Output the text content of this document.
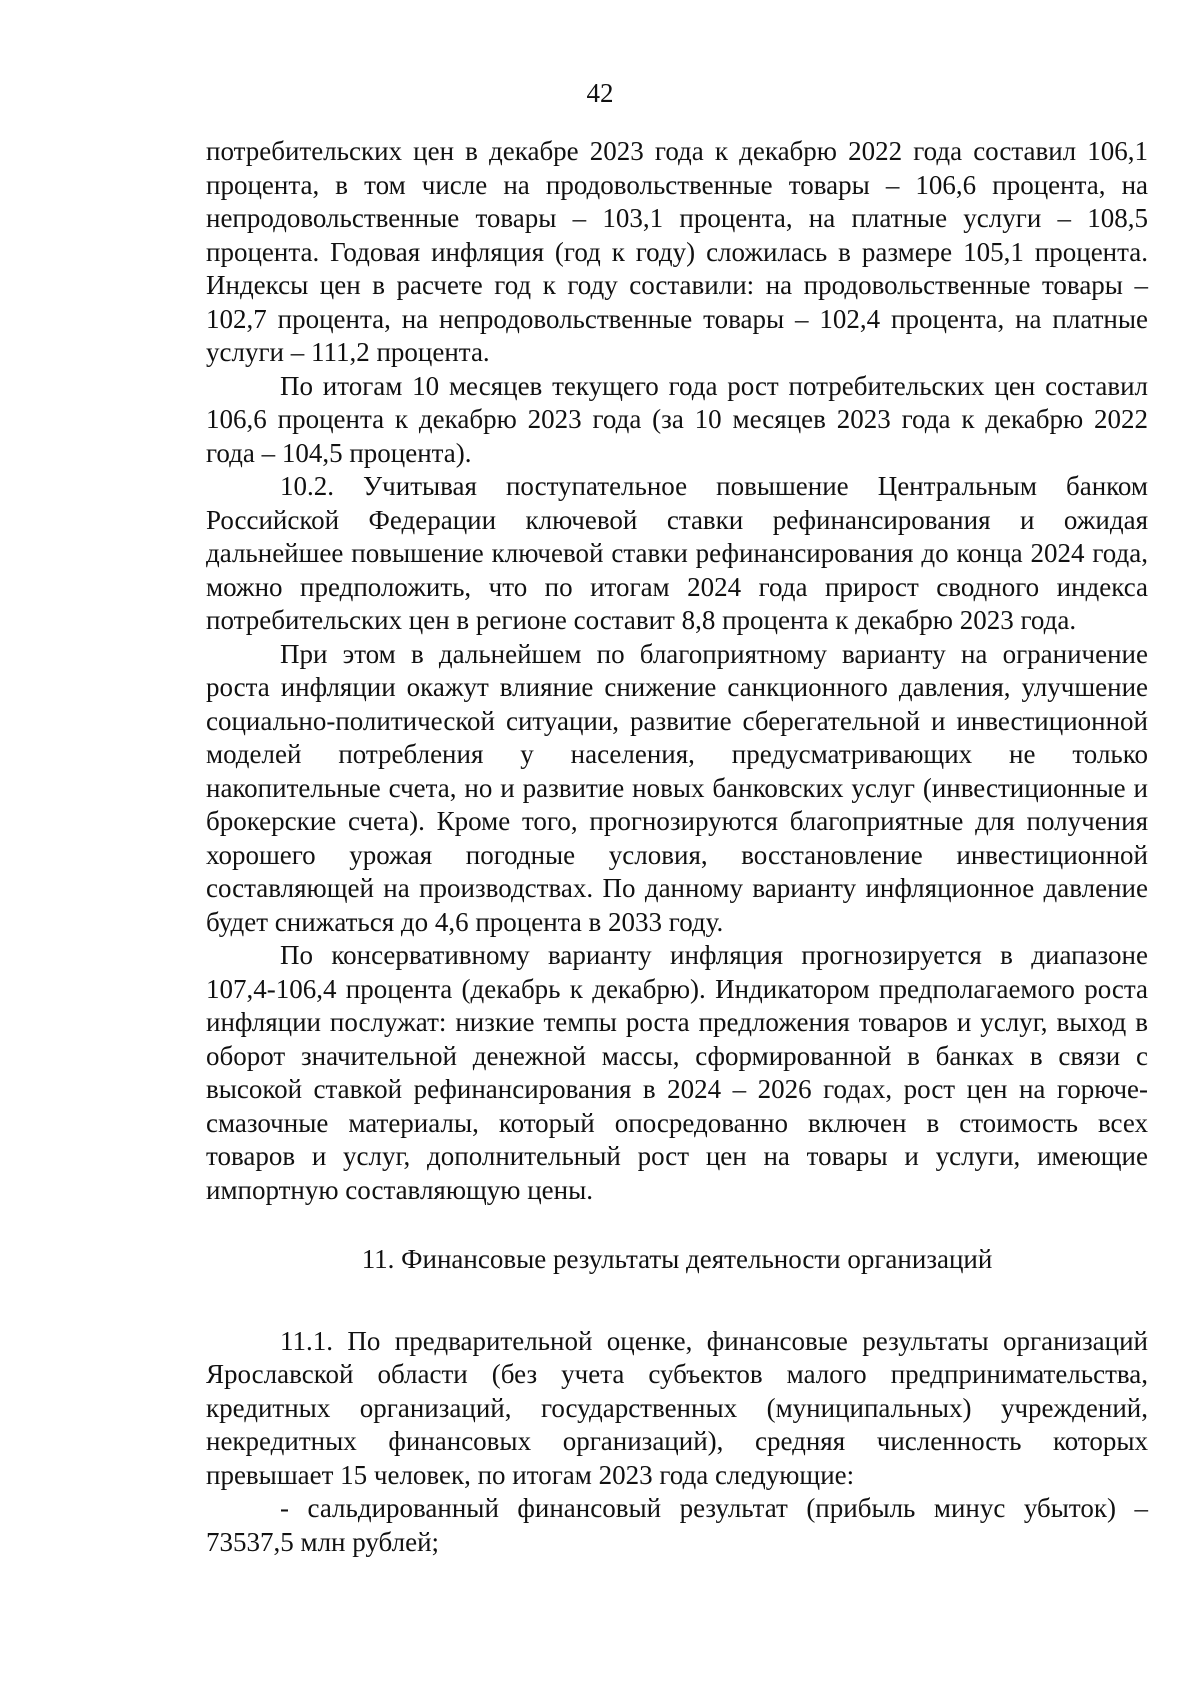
42

потребительских цен в декабре 2023 года к декабрю 2022 года составил 106,1 процента, в том числе на продовольственные товары – 106,6 процента, на непродовольственные товары – 103,1 процента, на платные услуги – 108,5 процента. Годовая инфляция (год к году) сложилась в размере 105,1 процента. Индексы цен в расчете год к году составили: на продовольственные товары – 102,7 процента, на непродовольственные товары – 102,4 процента, на платные услуги – 111,2 процента.

По итогам 10 месяцев текущего года рост потребительских цен составил 106,6 процента к декабрю 2023 года (за 10 месяцев 2023 года к декабрю 2022 года – 104,5 процента).

10.2. Учитывая поступательное повышение Центральным банком Российской Федерации ключевой ставки рефинансирования и ожидая дальнейшее повышение ключевой ставки рефинансирования до конца 2024 года, можно предположить, что по итогам 2024 года прирост сводного индекса потребительских цен в регионе составит 8,8 процента к декабрю 2023 года.

При этом в дальнейшем по благоприятному варианту на ограничение роста инфляции окажут влияние снижение санкционного давления, улучшение социально-политической ситуации, развитие сберегательной и инвестиционной моделей потребления у населения, предусматривающих не только накопительные счета, но и развитие новых банковских услуг (инвестиционные и брокерские счета). Кроме того, прогнозируются благоприятные для получения хорошего урожая погодные условия, восстановление инвестиционной составляющей на производствах. По данному варианту инфляционное давление будет снижаться до 4,6 процента в 2033 году.

По консервативному варианту инфляция прогнозируется в диапазоне 107,4-106,4 процента (декабрь к декабрю). Индикатором предполагаемого роста инфляции послужат: низкие темпы роста предложения товаров и услуг, выход в оборот значительной денежной массы, сформированной в банках в связи с высокой ставкой рефинансирования в 2024 – 2026 годах, рост цен на горюче-смазочные материалы, который опосредованно включен в стоимость всех товаров и услуг, дополнительный рост цен на товары и услуги, имеющие импортную составляющую цены.

11. Финансовые результаты деятельности организаций

11.1. По предварительной оценке, финансовые результаты организаций Ярославской области (без учета субъектов малого предпринимательства, кредитных организаций, государственных (муниципальных) учреждений, некредитных финансовых организаций), средняя численность которых превышает 15 человек, по итогам 2023 года следующие:

- сальдированный финансовый результат (прибыль минус убыток) – 73537,5 млн рублей;
